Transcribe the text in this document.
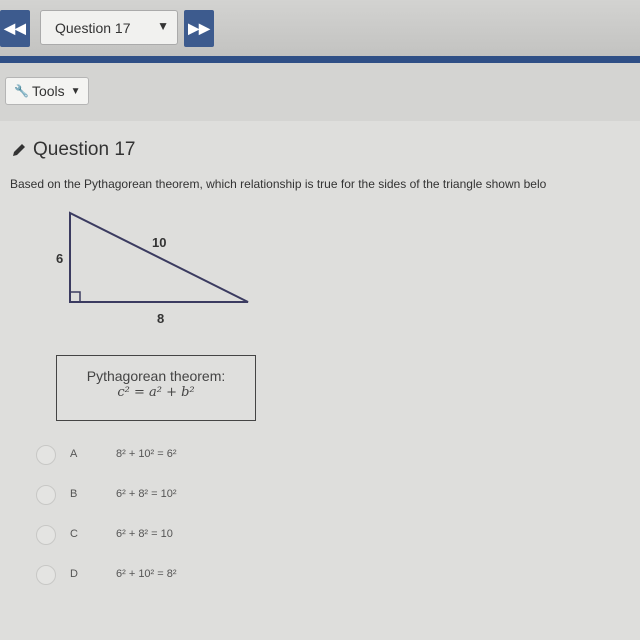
◀◀ Question 17 ▼ ▶▶
🔧 Tools ▼
Question 17
Based on the Pythagorean theorem, which relationship is true for the sides of the triangle shown belo
6
10
8
Pythagorean theorem:
c² = a² + b²
A	8² + 10² = 6²
B	6² + 8² = 10²
C	6² + 8² = 10
D	6² + 10² = 8²
